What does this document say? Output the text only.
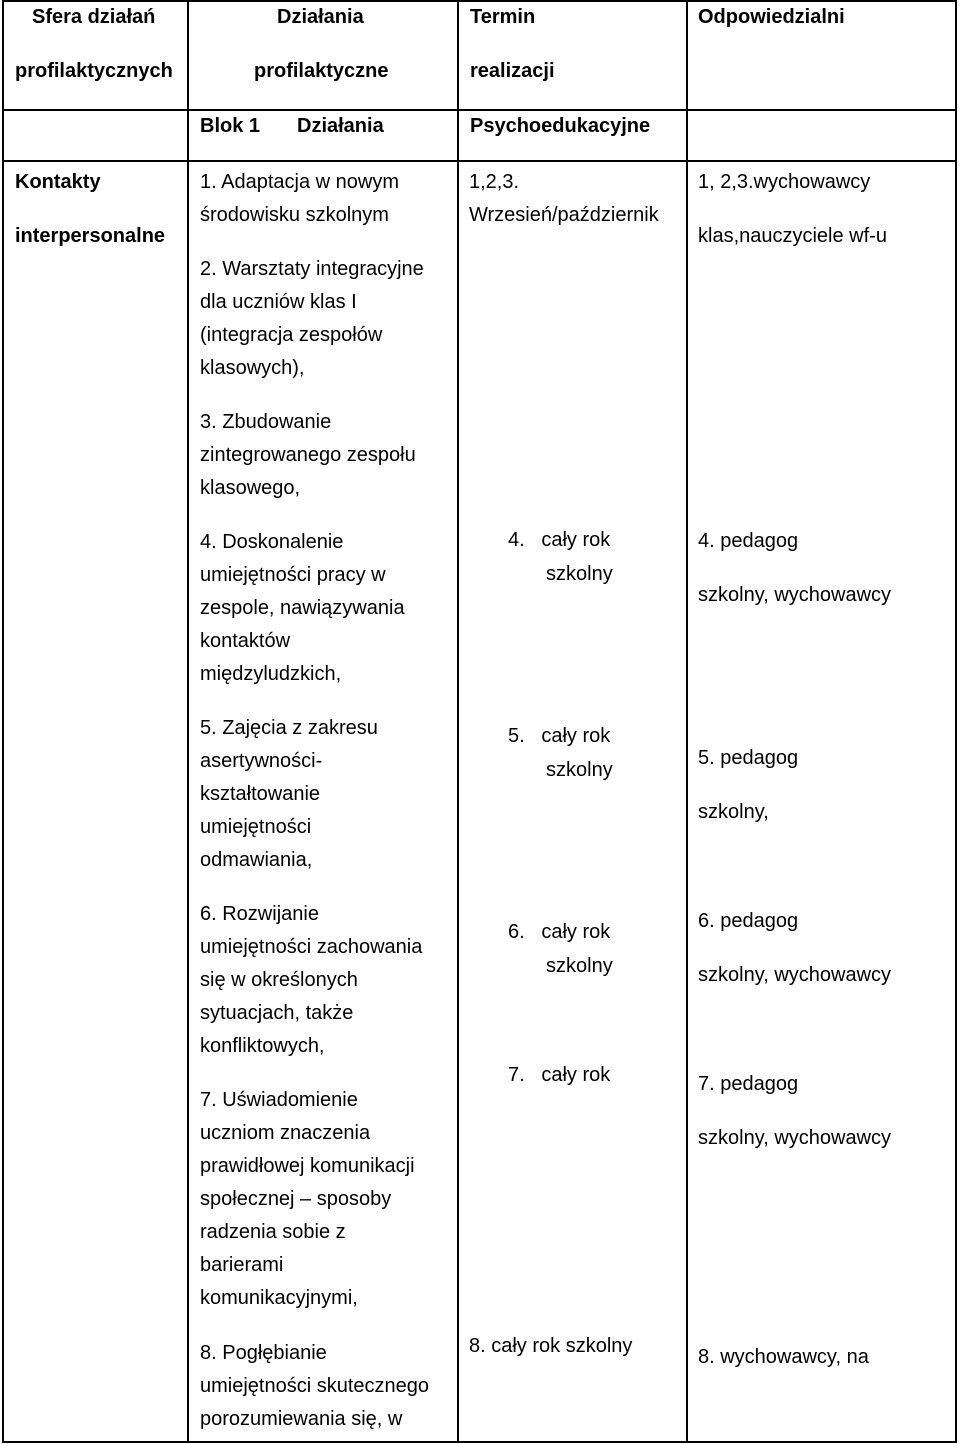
Sfera działań
profilaktycznych
Działania
profilaktyczne
Termin
realizacji
Odpowiedzialni
Blok 1 Działania	Psychoedukacyjne
Kontakty
interpersonalne
1. Adaptacja w nowym
środowisku szkolnym
2. Warsztaty integracyjne
dla uczniów klas I
(integracja zespołów
klasowych),
3. Zbudowanie
zintegrowanego zespołu
klasowego,
4. Doskonalenie
umiejętności pracy w
zespole, nawiązywania
kontaktów
międzyludzkich,
5. Zajęcia z zakresu
asertywności-
kształtowanie
umiejętności
odmawiania,
6. Rozwijanie
umiejętności zachowania
się w określonych
sytuacjach, także
konfliktowych,
7. Uświadomienie
uczniom znaczenia
prawidłowej komunikacji
społecznej – sposoby
radzenia sobie z
barierami
komunikacyjnymi,
8. Pogłębianie
umiejętności skutecznego
porozumiewania się, w
1,2,3.
Wrzesień/październik
4.   cały rok
szkolny
5.   cały rok
szkolny
6.   cały rok
szkolny
7.   cały rok
8. cały rok szkolny
1, 2,3.wychowawcy
klas,nauczyciele wf-u
4. pedagog
szkolny, wychowawcy
5. pedagog
szkolny,
6. pedagog
szkolny, wychowawcy
7. pedagog
szkolny, wychowawcy
8. wychowawcy, na
